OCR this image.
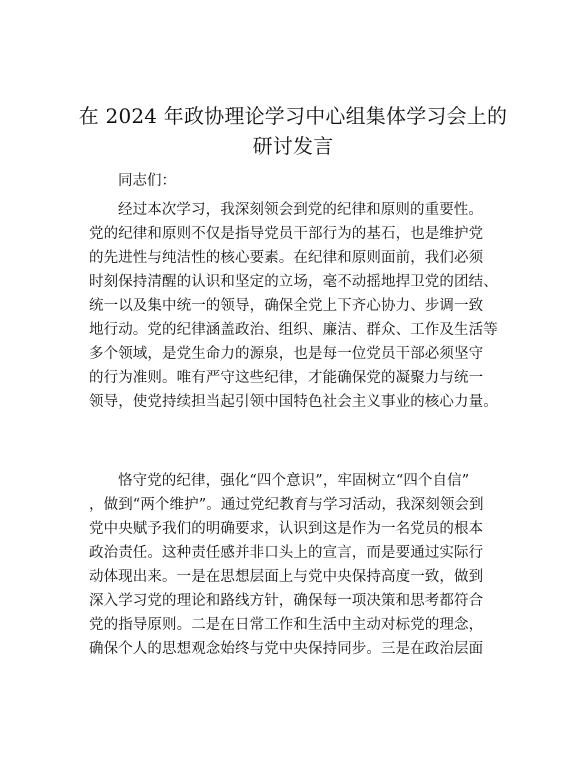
在 2024 年政协理论学习中心组集体学习会上的
研讨发言
同志们：
经过本次学习，我深刻领会到党的纪律和原则的重要性。
党的纪律和原则不仅是指导党员干部行为的基石，也是维护党
的先进性与纯洁性的核心要素。在纪律和原则面前，我们必须
时刻保持清醒的认识和坚定的立场，毫不动摇地捍卫党的团结、
统一以及集中统一的领导，确保全党上下齐心协力、步调一致
地行动。党的纪律涵盖政治、组织、廉洁、群众、工作及生活等
多个领域，是党生命力的源泉，也是每一位党员干部必须坚守
的行为准则。唯有严守这些纪律，才能确保党的凝聚力与统一
领导，使党持续担当起引领中国特色社会主义事业的核心力量。
恪守党的纪律，强化“四个意识”，牢固树立“四个自信”
，做到“两个维护”。通过党纪教育与学习活动，我深刻领会到
党中央赋予我们的明确要求，认识到这是作为一名党员的根本
政治责任。这种责任感并非口头上的宣言，而是要通过实际行
动体现出来。一是在思想层面上与党中央保持高度一致，做到
深入学习党的理论和路线方针，确保每一项决策和思考都符合
党的指导原则。二是在日常工作和生活中主动对标党的理念，
确保个人的思想观念始终与党中央保持同步。三是在政治层面
